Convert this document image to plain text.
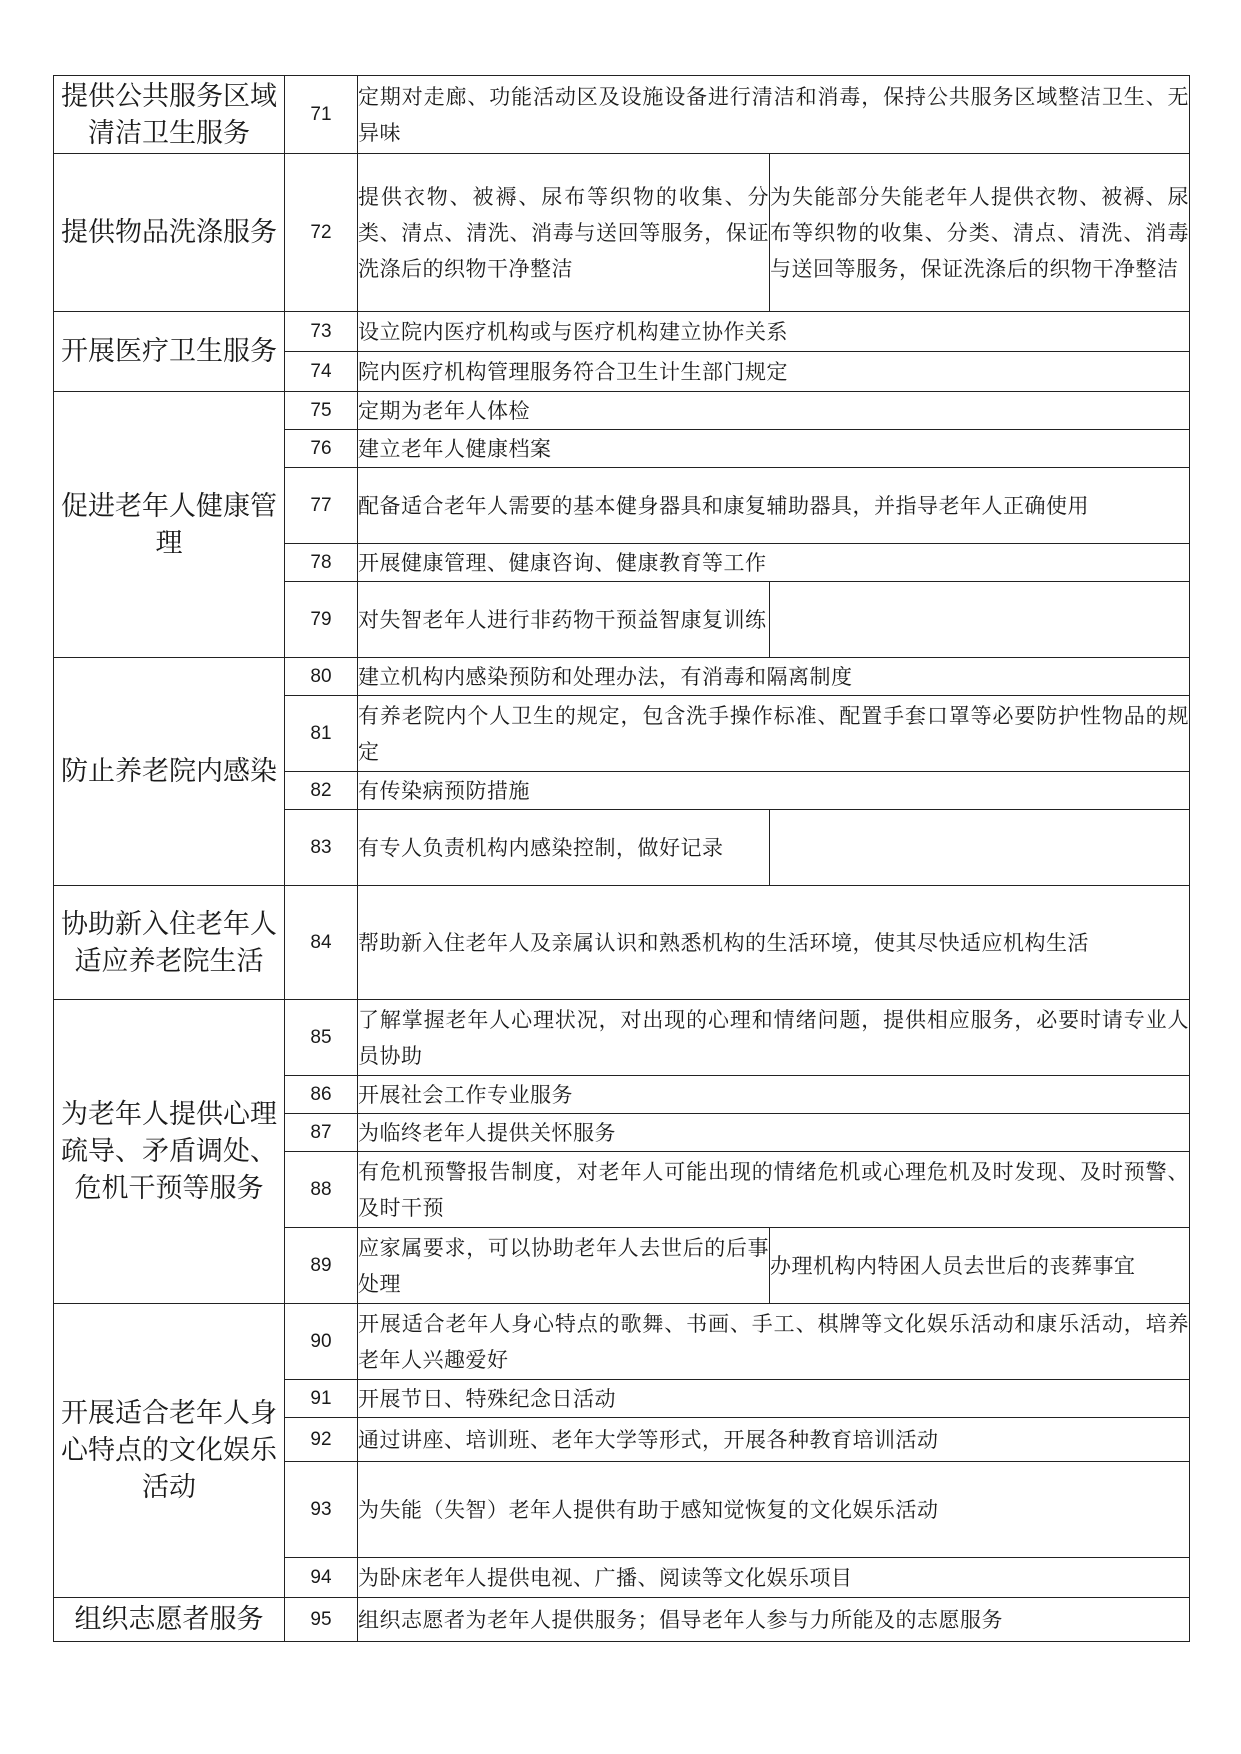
提供公共服务区域清洁卫生服务	71	定期对走廊、功能活动区及设施设备进行清洁和消毒，保持公共服务区域整洁卫生、无异味	
提供物品洗涤服务	72	提供衣物、被褥、尿布等织物的收集、分类、清点、清洗、消毒与送回等服务，保证洗涤后的织物干净整洁	为失能部分失能老年人提供衣物、被褥、尿布等织物的收集、分类、清点、清洗、消毒与送回等服务，保证洗涤后的织物干净整洁
开展医疗卫生服务	73	设立院内医疗机构或与医疗机构建立协作关系	
	74	院内医疗机构管理服务符合卫生计生部门规定	
促进老年人健康管理	75	定期为老年人体检	
	76	建立老年人健康档案	
	77	配备适合老年人需要的基本健身器具和康复辅助器具，并指导老年人正确使用	
	78	开展健康管理、健康咨询、健康教育等工作	
	79	对失智老年人进行非药物干预益智康复训练	
防止养老院内感染	80	建立机构内感染预防和处理办法，有消毒和隔离制度	
	81	有养老院内个人卫生的规定，包含洗手操作标准、配置手套口罩等必要防护性物品的规定	
	82	有传染病预防措施	
	83	有专人负责机构内感染控制，做好记录	
协助新入住老年人适应养老院生活	84	帮助新入住老年人及亲属认识和熟悉机构的生活环境，使其尽快适应机构生活	
为老年人提供心理疏导、矛盾调处、危机干预等服务	85	了解掌握老年人心理状况，对出现的心理和情绪问题，提供相应服务，必要时请专业人员协助	
	86	开展社会工作专业服务	
	87	为临终老年人提供关怀服务	
	88	有危机预警报告制度，对老年人可能出现的情绪危机或心理危机及时发现、及时预警、及时干预	
	89	应家属要求，可以协助老年人去世后的后事处理	办理机构内特困人员去世后的丧葬事宜
开展适合老年人身心特点的文化娱乐活动	90	开展适合老年人身心特点的歌舞、书画、手工、棋牌等文化娱乐活动和康乐活动，培养老年人兴趣爱好	
	91	开展节日、特殊纪念日活动	
	92	通过讲座、培训班、老年大学等形式，开展各种教育培训活动	
	93	为失能（失智）老年人提供有助于感知觉恢复的文化娱乐活动	
	94	为卧床老年人提供电视、广播、阅读等文化娱乐项目	
组织志愿者服务	95	组织志愿者为老年人提供服务；倡导老年人参与力所能及的志愿服务	
